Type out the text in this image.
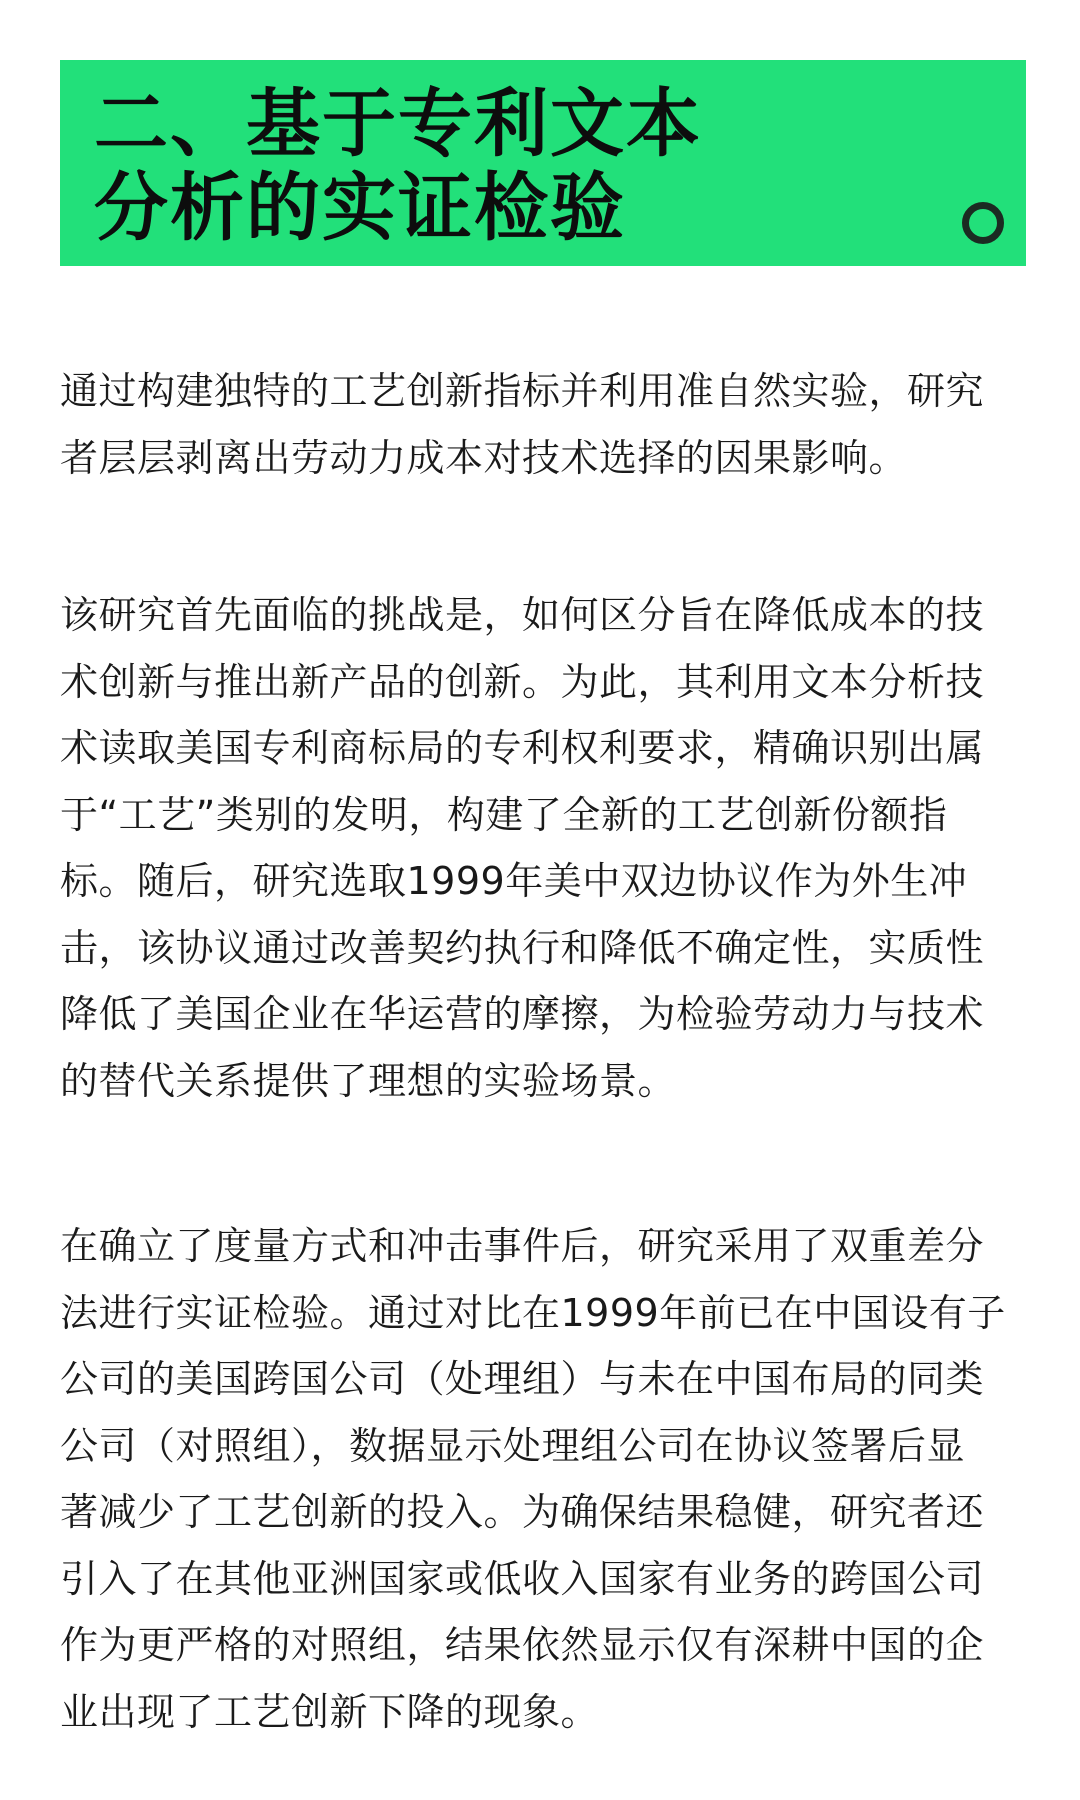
二、基于专利文本
分析的实证检验

通过构建独特的工艺创新指标并利用准自然实验，研究
者层层剥离出劳动力成本对技术选择的因果影响。

该研究首先面临的挑战是，如何区分旨在降低成本的技
术创新与推出新产品的创新。为此，其利用文本分析技
术读取美国专利商标局的专利权利要求，精确识别出属
于“工艺”类别的发明，构建了全新的工艺创新份额指
标。随后，研究选取1999年美中双边协议作为外生冲
击，该协议通过改善契约执行和降低不确定性，实质性
降低了美国企业在华运营的摩擦，为检验劳动力与技术
的替代关系提供了理想的实验场景。

在确立了度量方式和冲击事件后，研究采用了双重差分
法进行实证检验。通过对比在1999年前已在中国设有子
公司的美国跨国公司（处理组）与未在中国布局的同类
公司（对照组），数据显示处理组公司在协议签署后显
著减少了工艺创新的投入。为确保结果稳健，研究者还
引入了在其他亚洲国家或低收入国家有业务的跨国公司
作为更严格的对照组，结果依然显示仅有深耕中国的企
业出现了工艺创新下降的现象。
